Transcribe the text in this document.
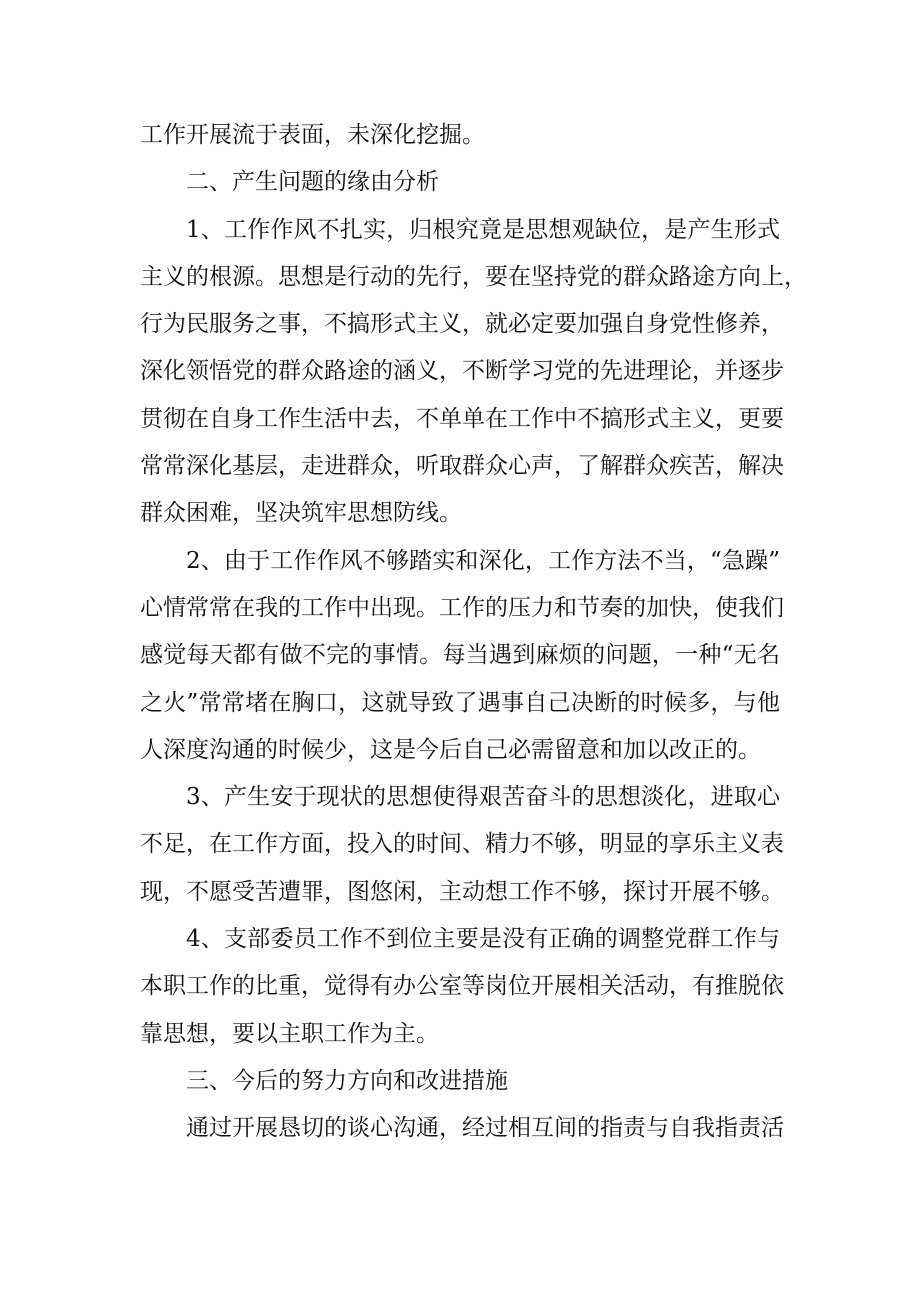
工作开展流于表面，未深化挖掘。
二、产生问题的缘由分析
1、工作作风不扎实，归根究竟是思想观缺位，是产生形式
主义的根源。思想是行动的先行，要在坚持党的群众路途方向上，
行为民服务之事，不搞形式主义，就必定要加强自身党性修养，
深化领悟党的群众路途的涵义，不断学习党的先进理论，并逐步
贯彻在自身工作生活中去，不单单在工作中不搞形式主义，更要
常常深化基层，走进群众，听取群众心声，了解群众疾苦，解决
群众困难，坚决筑牢思想防线。
2、由于工作作风不够踏实和深化，工作方法不当，“急躁”
心情常常在我的工作中出现。工作的压力和节奏的加快，使我们
感觉每天都有做不完的事情。每当遇到麻烦的问题，一种“无名
之火”常常堵在胸口，这就导致了遇事自己决断的时候多，与他
人深度沟通的时候少，这是今后自己必需留意和加以改正的。
3、产生安于现状的思想使得艰苦奋斗的思想淡化，进取心
不足，在工作方面，投入的时间、精力不够，明显的享乐主义表
现，不愿受苦遭罪，图悠闲，主动想工作不够，探讨开展不够。
4、支部委员工作不到位主要是没有正确的调整党群工作与
本职工作的比重，觉得有办公室等岗位开展相关活动，有推脱依
靠思想，要以主职工作为主。
三、今后的努力方向和改进措施
通过开展恳切的谈心沟通，经过相互间的指责与自我指责活
